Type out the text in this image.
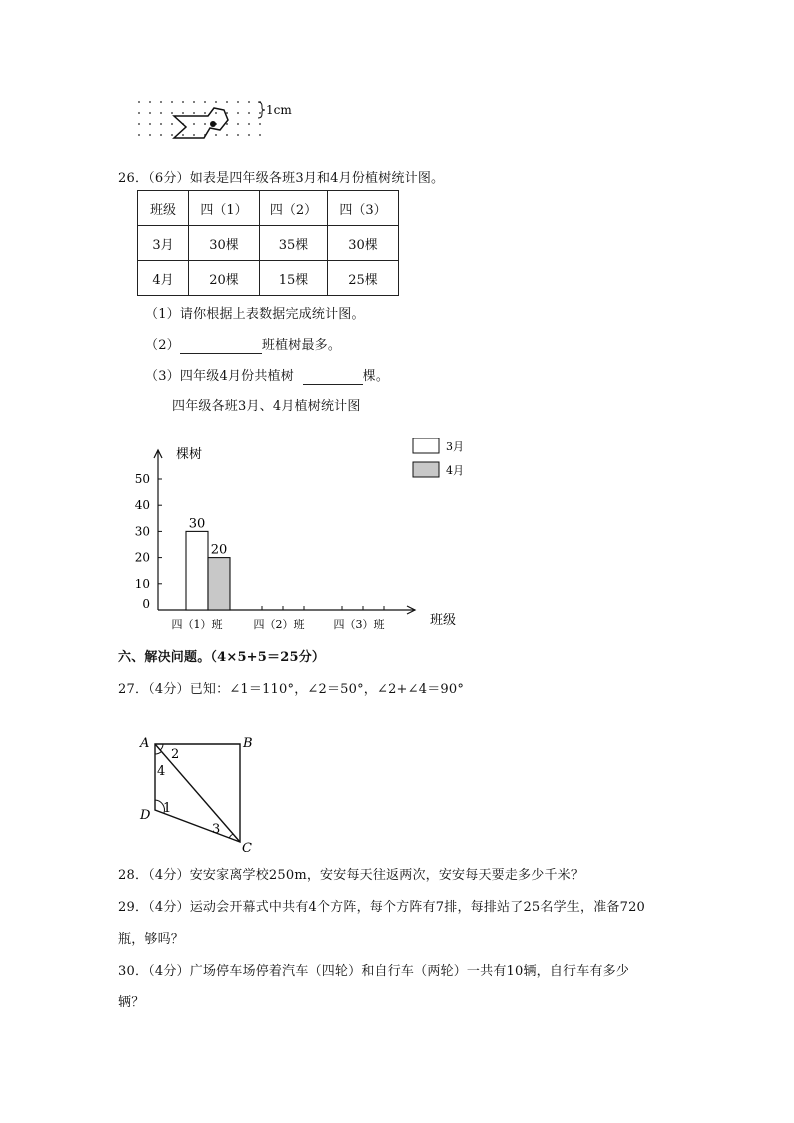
1cm
26．（6分）如表是四年级各班3月和4月份植树统计图。
班级	四（1）	四（2）	四（3）
3月	30棵	35棵	30棵
4月	20棵	15棵	25棵
（1）请你根据上表数据完成统计图。
（2）	班植树最多。
（3）四年级4月份共植树	棵。
四年级各班3月、4月植树统计图
棵树
班级
0
10
20
30
40
50
四（1）班	四（2）班	四（3）班
30
20
3月
4月
六、解决问题。（4×5+5＝25分）
27．（4分）已知：∠1＝110°，∠2＝50°，∠2+∠4＝90°
A	B
C
D
2
4
1
3
28．（4分）安安家离学校250m，安安每天往返两次，安安每天要走多少千米？
29．（4分）运动会开幕式中共有4个方阵，每个方阵有7排，每排站了25名学生，准备720
瓶，够吗？
30．（4分）广场停车场停着汽车（四轮）和自行车（两轮）一共有10辆，自行车有多少
辆？
